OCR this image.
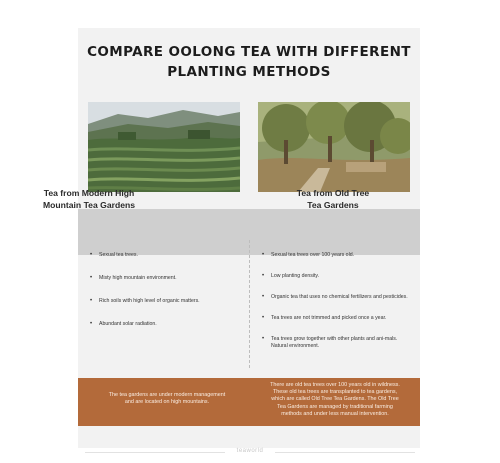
COMPARE OOLONG TEA WITH DIFFERENT
PLANTING METHODS
Tea from Modern High
Mountain Tea Gardens
Tea from Old Tree
Tea Gardens
• Sexual tea trees.
• Misty high mountain environment.
• Rich soils with high level of organic matters.
• Abundant solar radiation.
• Sexual tea trees over 100 years old.
• Low planting density.
• Organic tea that uses no chemical fertilizers and pesticides.
• Tea trees are not trimmed and picked once a year.
• Tea trees grow together with other plants and ani-mals. Natural environment.
The tea gardens are under modern management
and are located on high mountains.
There are old tea trees over 100 years old in wildness.
These old tea trees are transplanted to tea gardens,
which are called Old Tree Tea Gardens. The Old Tree
Tea Gardens are managed by traditional farming
methods and under less manual intervention.
teaworld
